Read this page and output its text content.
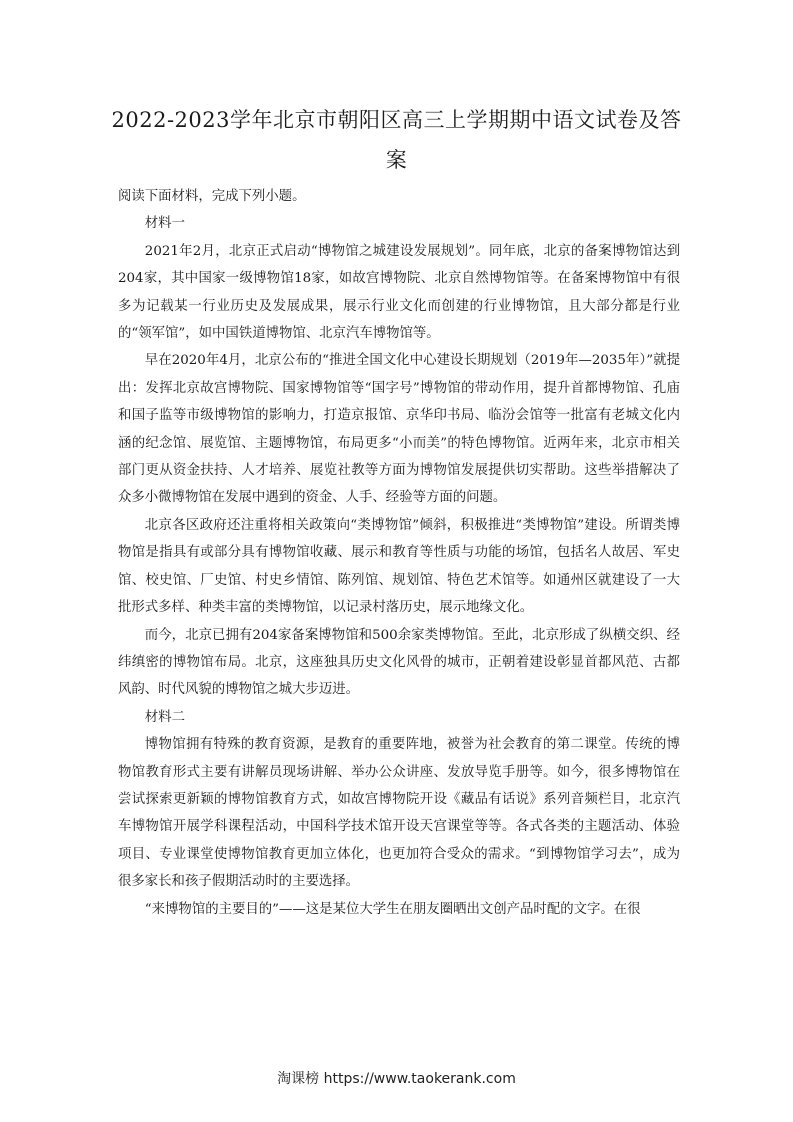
2022-2023学年北京市朝阳区高三上学期期中语文试卷及答案

阅读下面材料，完成下列小题。

材料一

2021年2月，北京正式启动“博物馆之城建设发展规划”。同年底，北京的备案博物馆达到204家，其中国家一级博物馆18家，如故宫博物院、北京自然博物馆等。在备案博物馆中有很多为记载某一行业历史及发展成果，展示行业文化而创建的行业博物馆，且大部分都是行业的“领军馆”，如中国铁道博物馆、北京汽车博物馆等。

早在2020年4月，北京公布的“推进全国文化中心建设长期规划（2019年—2035年）”就提出：发挥北京故宫博物院、国家博物馆等“国字号”博物馆的带动作用，提升首都博物馆、孔庙和国子监等市级博物馆的影响力，打造京报馆、京华印书局、临汾会馆等一批富有老城文化内涵的纪念馆、展览馆、主题博物馆，布局更多“小而美”的特色博物馆。近两年来，北京市相关部门更从资金扶持、人才培养、展览社教等方面为博物馆发展提供切实帮助。这些举措解决了众多小微博物馆在发展中遇到的资金、人手、经验等方面的问题。

北京各区政府还注重将相关政策向“类博物馆”倾斜，积极推进“类博物馆”建设。所谓类博物馆是指具有或部分具有博物馆收藏、展示和教育等性质与功能的场馆，包括名人故居、军史馆、校史馆、厂史馆、村史乡情馆、陈列馆、规划馆、特色艺术馆等。如通州区就建设了一大批形式多样、种类丰富的类博物馆，以记录村落历史，展示地缘文化。

而今，北京已拥有204家备案博物馆和500余家类博物馆。至此，北京形成了纵横交织、经纬缜密的博物馆布局。北京，这座独具历史文化风骨的城市，正朝着建设彰显首都风范、古都风韵、时代风貌的博物馆之城大步迈进。

材料二

博物馆拥有特殊的教育资源，是教育的重要阵地，被誉为社会教育的第二课堂。传统的博物馆教育形式主要有讲解员现场讲解、举办公众讲座、发放导览手册等。如今，很多博物馆在尝试探索更新颖的博物馆教育方式，如故宫博物院开设《藏品有话说》系列音频栏目，北京汽车博物馆开展学科课程活动，中国科学技术馆开设天宫课堂等等。各式各类的主题活动、体验项目、专业课堂使博物馆教育更加立体化，也更加符合受众的需求。“到博物馆学习去”，成为很多家长和孩子假期活动时的主要选择。

“来博物馆的主要目的”——这是某位大学生在朋友圈晒出文创产品时配的文字。在很

淘课榜 https://www.taokerank.com
